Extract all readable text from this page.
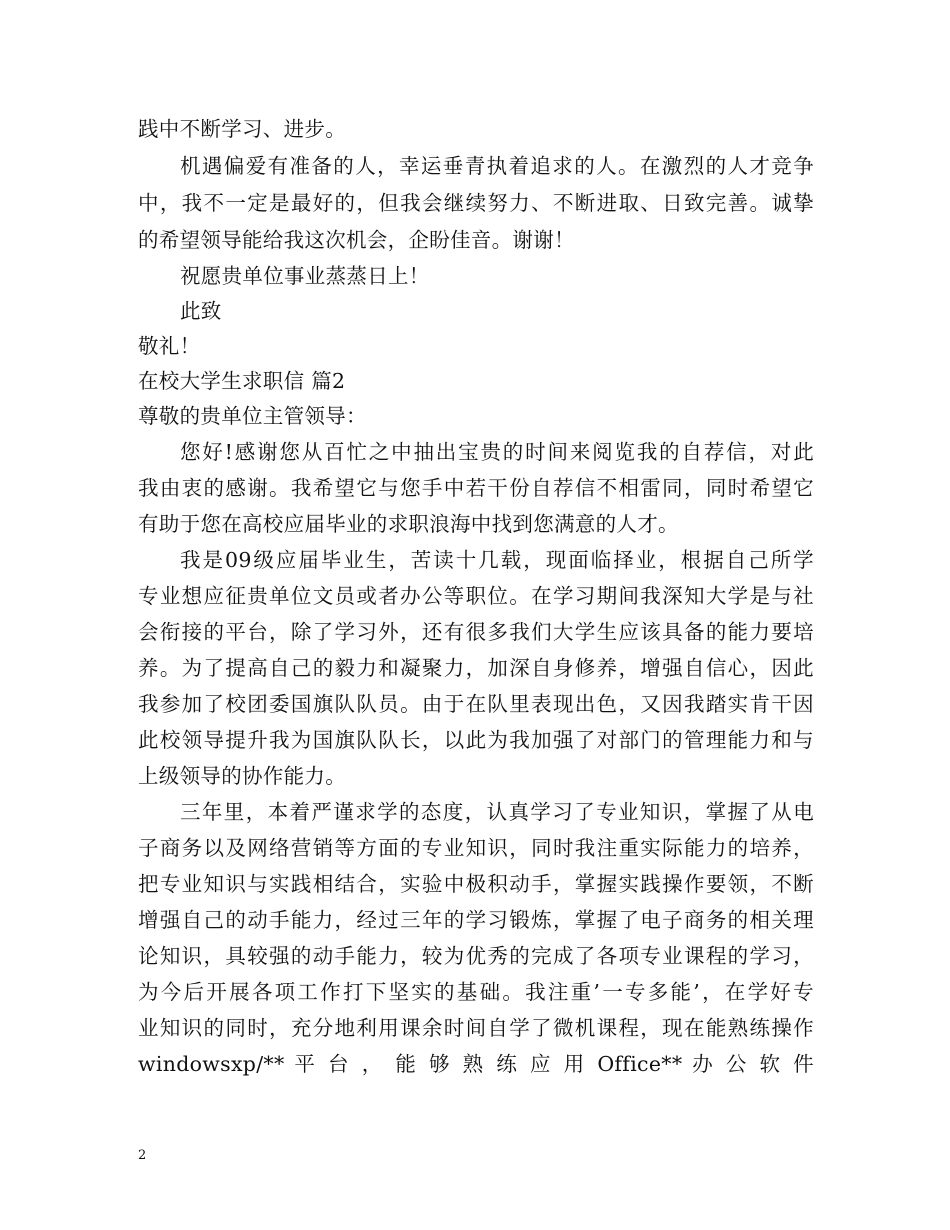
践中不断学习、进步。
机遇偏爱有准备的人，幸运垂青执着追求的人。在激烈的人才竞争
中，我不一定是最好的，但我会继续努力、不断进取、日致完善。诚挚
的希望领导能给我这次机会，企盼佳音。谢谢！
祝愿贵单位事业蒸蒸日上！
此致
敬礼！
在校大学生求职信 篇2
尊敬的贵单位主管领导：
您好!感谢您从百忙之中抽出宝贵的时间来阅览我的自荐信，对此
我由衷的感谢。我希望它与您手中若干份自荐信不相雷同，同时希望它
有助于您在高校应届毕业的求职浪海中找到您满意的人才。
我是09级应届毕业生，苦读十几载，现面临择业，根据自己所学
专业想应征贵单位文员或者办公等职位。在学习期间我深知大学是与社
会衔接的平台，除了学习外，还有很多我们大学生应该具备的能力要培
养。为了提高自己的毅力和凝聚力，加深自身修养，增强自信心，因此
我参加了校团委国旗队队员。由于在队里表现出色，又因我踏实肯干因
此校领导提升我为国旗队队长，以此为我加强了对部门的管理能力和与
上级领导的协作能力。
三年里，本着严谨求学的态度，认真学习了专业知识，掌握了从电
子商务以及网络营销等方面的专业知识，同时我注重实际能力的培养，
把专业知识与实践相结合，实验中极积动手，掌握实践操作要领，不断
增强自己的动手能力，经过三年的学习锻炼，掌握了电子商务的相关理
论知识，具较强的动手能力，较为优秀的完成了各项专业课程的学习，
为今后开展各项工作打下坚实的基础。我注重’一专多能’，在学好专
业知识的同时，充分地利用课余时间自学了微机课程，现在能熟练操作
windowsxp/** 平 台 ， 能 够 熟 练 应 用 Office** 办 公 软 件
2
